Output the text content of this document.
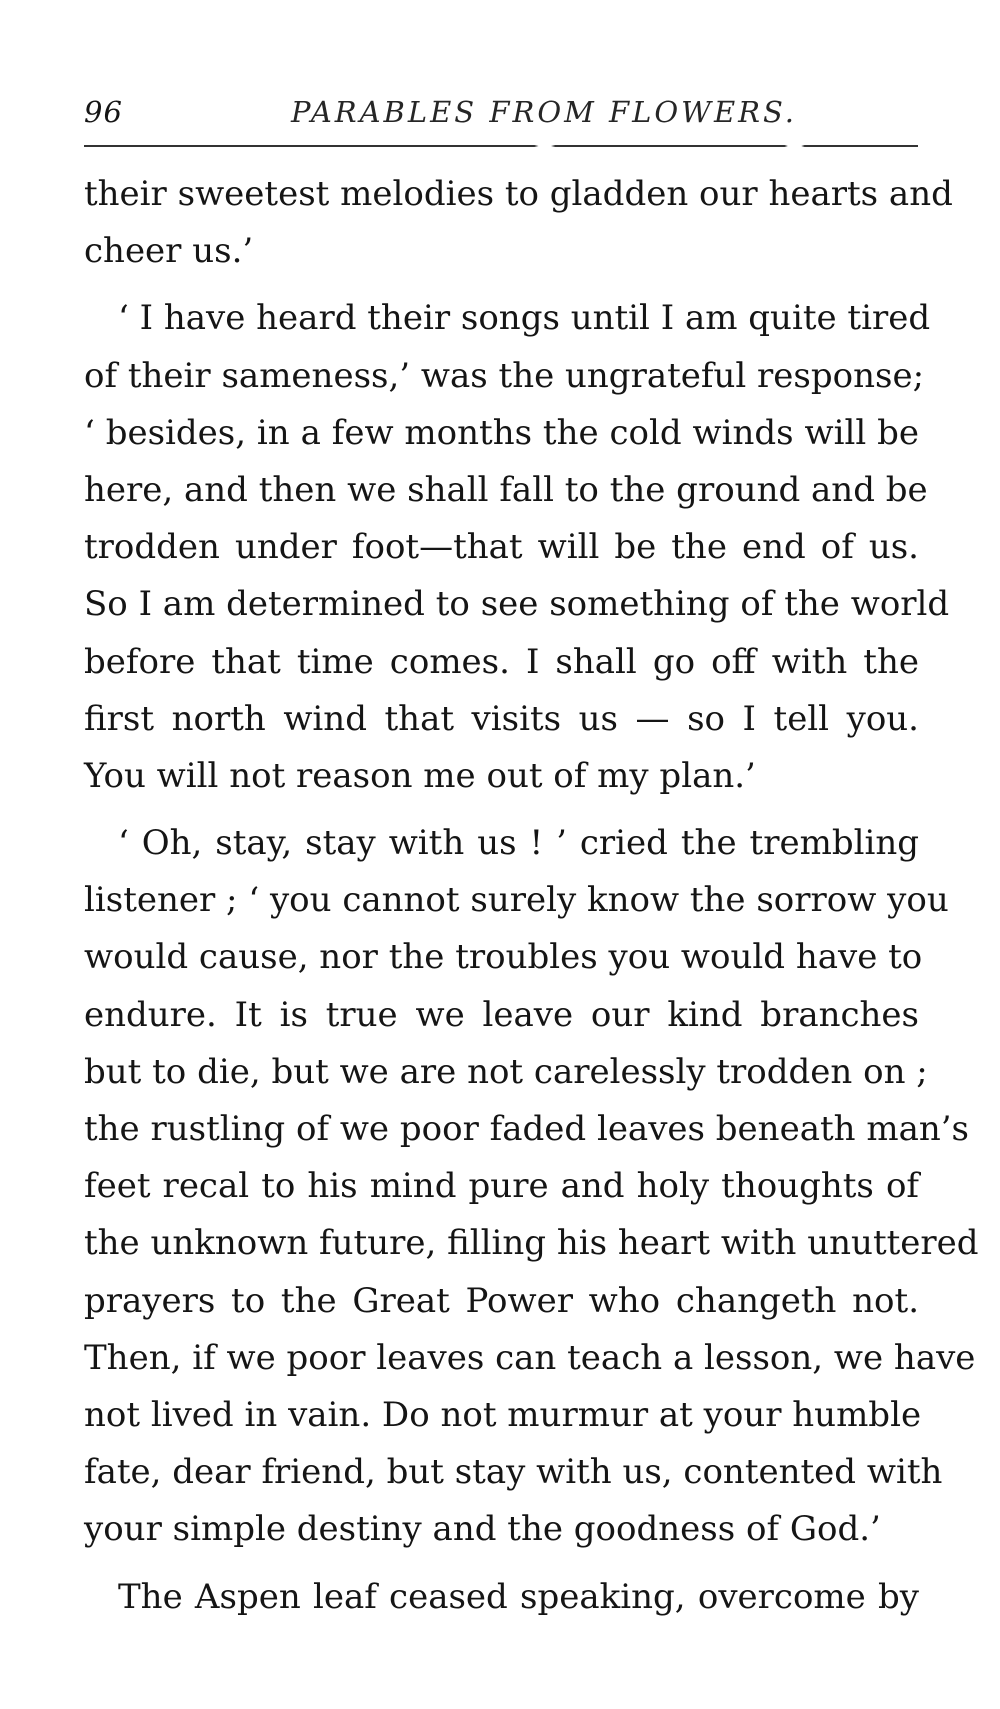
96	PARABLES FROM FLOWERS.
their sweetest melodies to gladden our hearts and
cheer us.’
‘ I have heard their songs until I am quite tired
of their sameness,’ was the ungrateful response;
‘ besides, in a few months the cold winds will be
here, and then we shall fall to the ground and be
trodden under foot—that will be the end of us.
So I am determined to see something of the world
before that time comes. I shall go off with the
first north wind that visits us — so I tell you.
You will not reason me out of my plan.’
‘ Oh, stay, stay with us ! ’ cried the trembling
listener ; ‘ you cannot surely know the sorrow you
would cause, nor the troubles you would have to
endure. It is true we leave our kind branches
but to die, but we are not carelessly trodden on ;
the rustling of we poor faded leaves beneath man’s
feet recal to his mind pure and holy thoughts of
the unknown future, filling his heart with unuttered
prayers to the Great Power who changeth not.
Then, if we poor leaves can teach a lesson, we have
not lived in vain. Do not murmur at your humble
fate, dear friend, but stay with us, contented with
your simple destiny and the goodness of God.’
The Aspen leaf ceased speaking, overcome by
